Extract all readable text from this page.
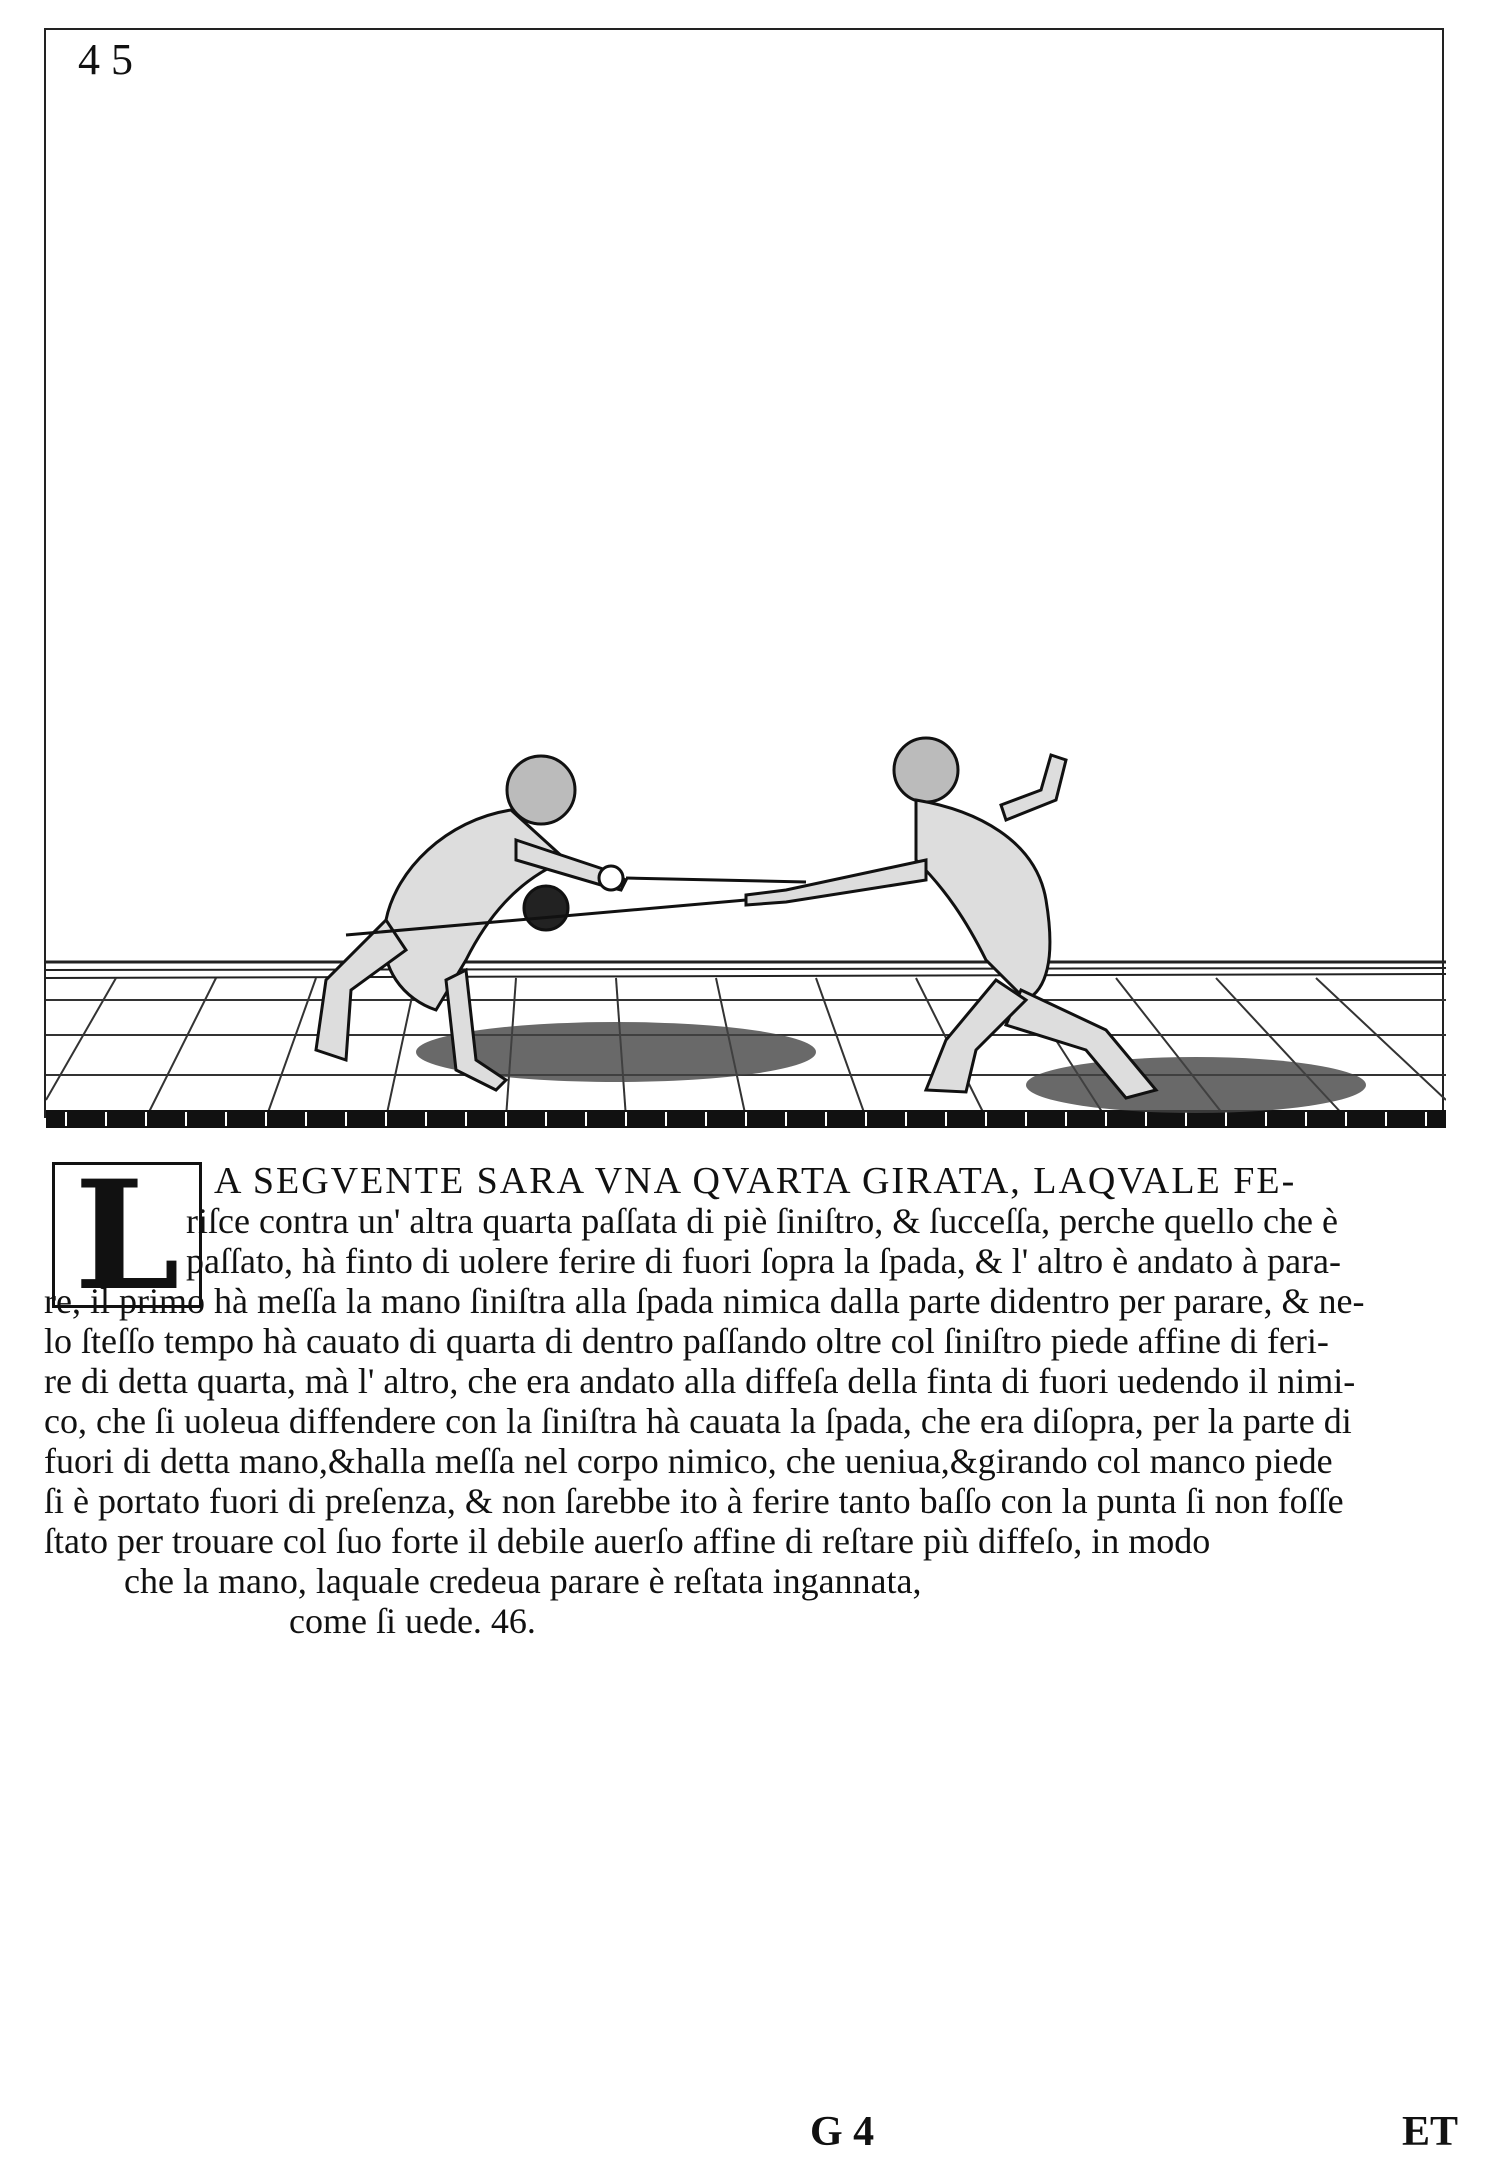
4 5
L A SEGVENTE SARA VNA QVARTA GIRATA, LAQVALE FE-
riſce contra un' altra quarta paſſata di piè ſiniſtro, & ſucceſſa, perche quello che è
paſſato, hà finto di uolere ferire di fuori ſopra la ſpada, & l' altro è andato à para-
re, il primo hà meſſa la mano ſiniſtra alla ſpada nimica dalla parte didentro per parare, & ne-
lo ſteſſo tempo hà cauato di quarta di dentro paſſando oltre col ſiniſtro piede affine di feri-
re di detta quarta, mà l' altro, che era andato alla diffeſa della finta di fuori uedendo il nimi-
co, che ſi uoleua diffendere con la ſiniſtra hà cauata la ſpada, che era diſopra, per la parte di
fuori di detta mano,&halla meſſa nel corpo nimico, che ueniua,&girando col manco piede
ſi è portato fuori di preſenza, & non ſarebbe ito à ferire tanto baſſo con la punta ſi non foſſe
ſtato per trouare col ſuo forte il debile auerſo affine di reſtare più diffeſo, in modo
che la mano, laquale credeua parare è reſtata ingannata,
come ſi uede. 46.
G 4	ET
